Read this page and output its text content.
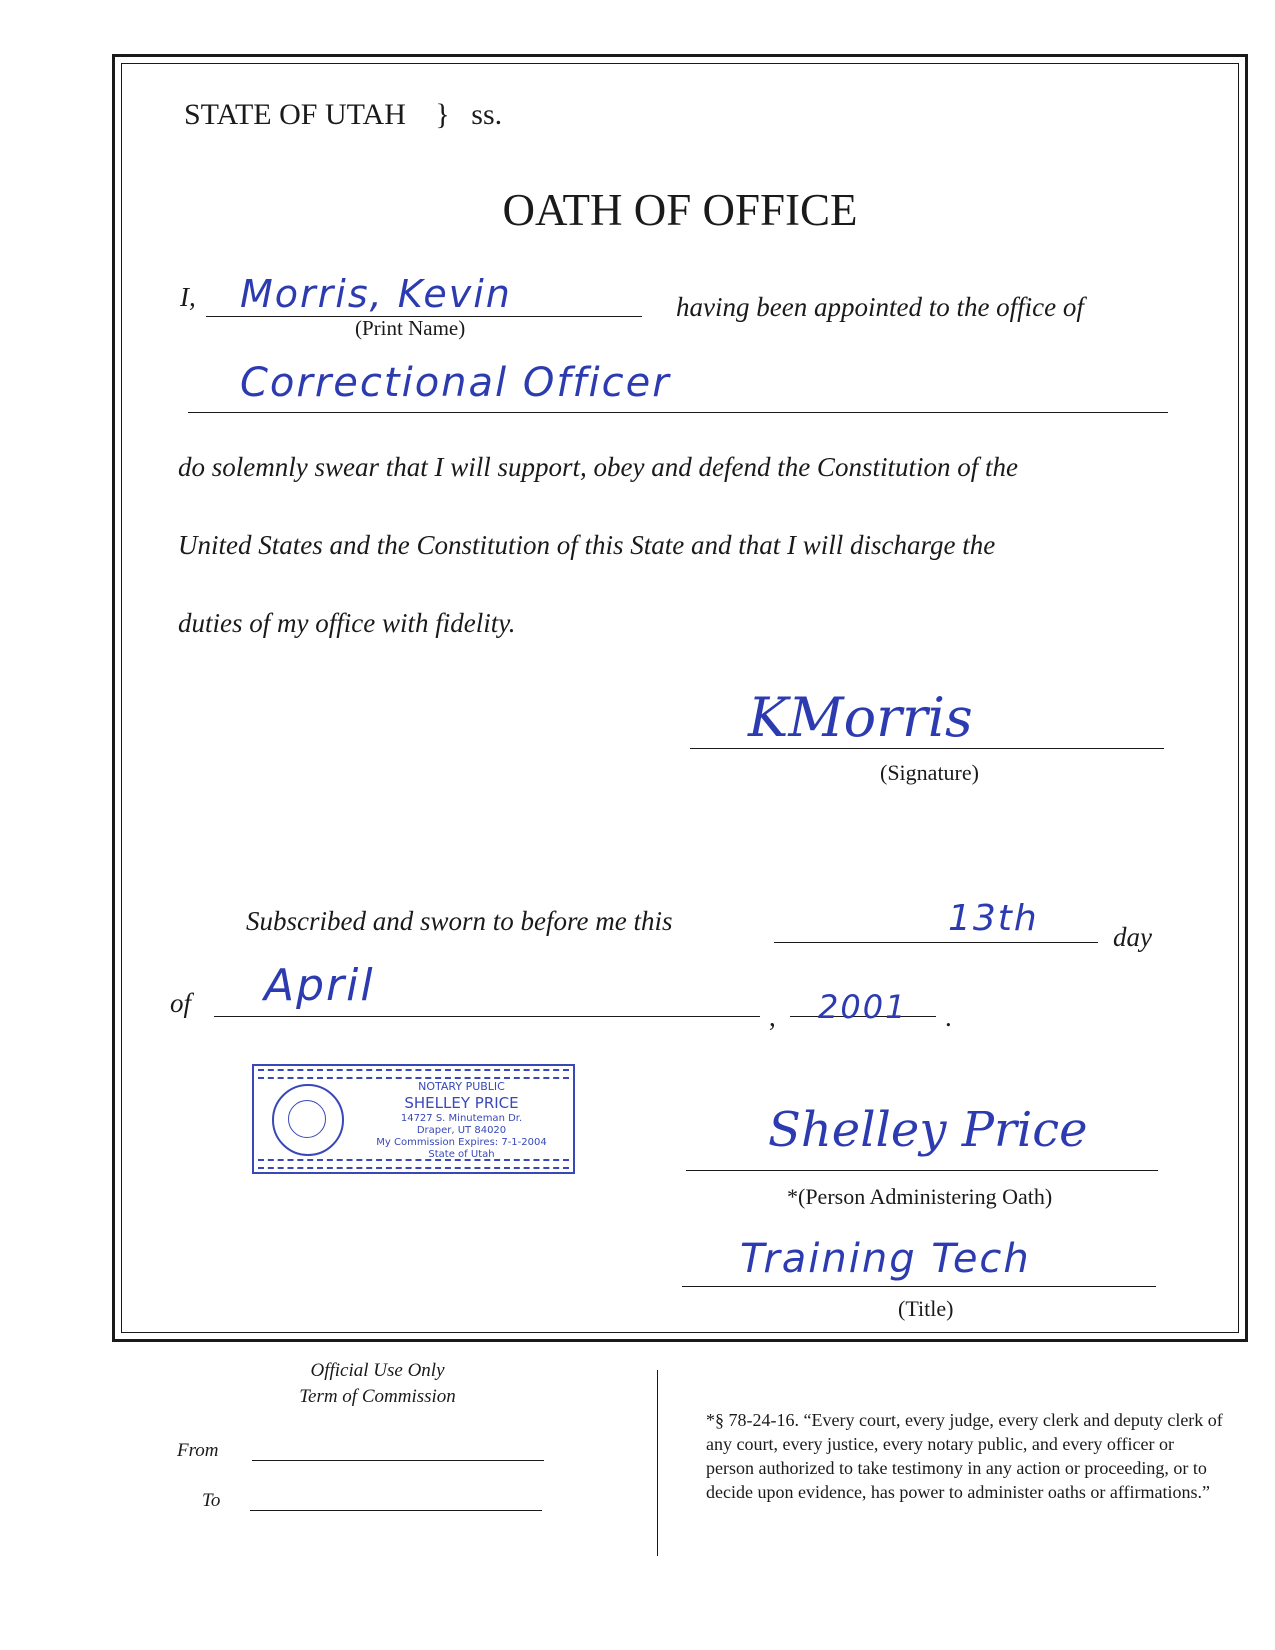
STATE OF UTAH } ss.
OATH OF OFFICE
I, Morris, Kevin
(Print Name)
having been appointed to the office of
Correctional Officer
do solemnly swear that I will support, obey and defend the Constitution of the
United States and the Constitution of this State and that I will discharge the
duties of my office with fidelity.
KMorris
(Signature)
Subscribed and sworn to before me this	13th	day
of April
, 2001 .
NOTARY PUBLIC
SHELLEY PRICE
14727 S. Minuteman Dr.
Draper, UT 84020
My Commission Expires: 7-1-2004
State of Utah	Shelley Price
*(Person Administering Oath)
Training Tech
(Title)
Official Use Only
Term of Commission
From
To
*§ 78-24-16. “Every court, every judge, every clerk and deputy clerk of any court, every justice, every notary public, and every officer or person authorized to take testimony in any action or proceeding, or to decide upon evidence, has power to administer oaths or affirmations.”
